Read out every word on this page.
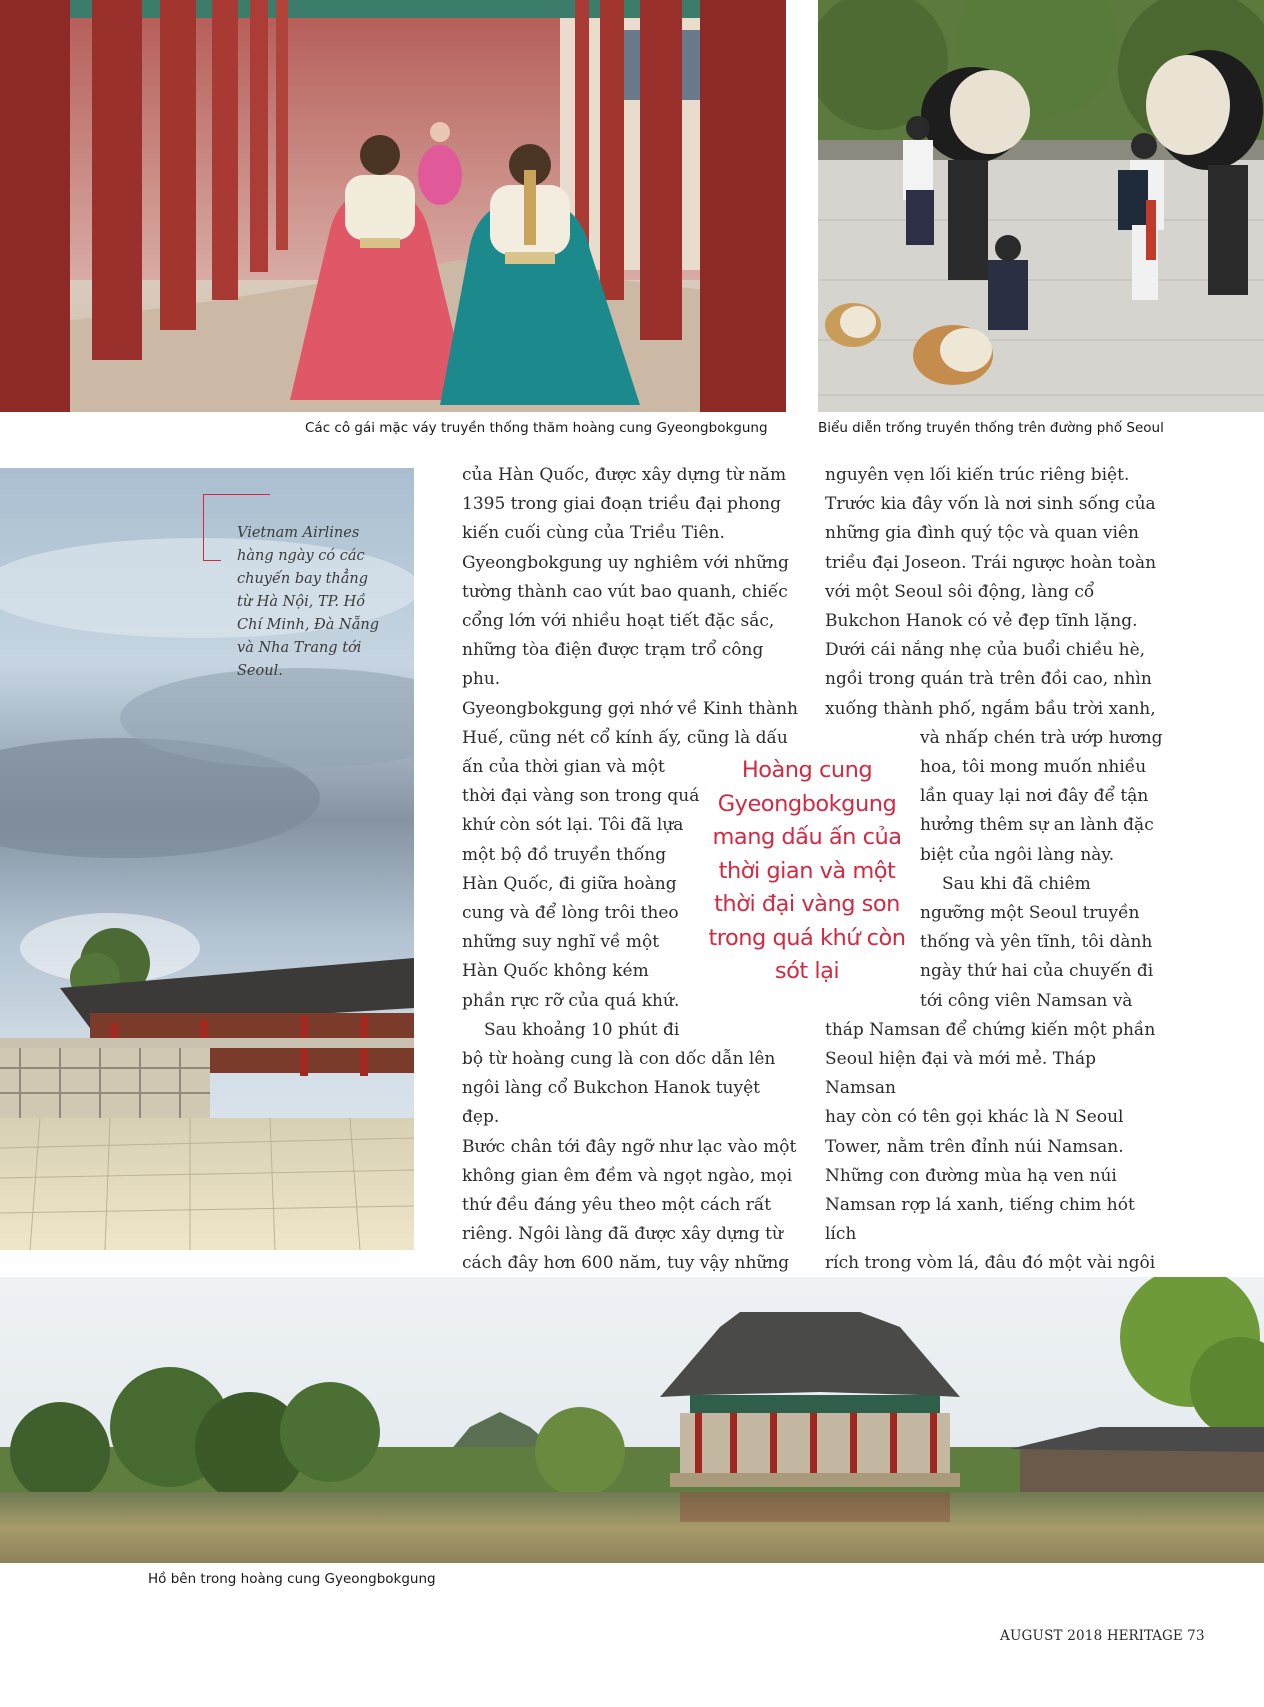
Các cô gái mặc váy truyền thống thăm hoàng cung Gyeongbokgung	Biểu diễn trống truyền thống trên đường phố Seoul
Vietnam Airlines hàng ngày có các chuyến bay thẳng từ Hà Nội, TP. Hồ Chí Minh, Đà Nẵng và Nha Trang tới Seoul.

của Hàn Quốc, được xây dựng từ năm

1395 trong giai đoạn triều đại phong

kiến cuối cùng của Triều Tiên.

Gyeongbokgung uy nghiêm với những

tường thành cao vút bao quanh, chiếc

cổng lớn với nhiều hoạt tiết đặc sắc,

những tòa điện được trạm trổ công phu.

Gyeongbokgung gợi nhớ về Kinh thành

Huế, cũng nét cổ kính ấy, cũng là dấu

ấn của thời gian và một

thời đại vàng son trong quá

khứ còn sót lại. Tôi đã lựa

một bộ đồ truyền thống

Hàn Quốc, đi giữa hoàng

cung và để lòng trôi theo

những suy nghĩ về một

Hàn Quốc không kém

phần rực rỡ của quá khứ.

Sau khoảng 10 phút đi

bộ từ hoàng cung là con dốc dẫn lên

ngôi làng cổ Bukchon Hanok tuyệt đẹp.

Bước chân tới đây ngỡ như lạc vào một

không gian êm đềm và ngọt ngào, mọi

thứ đều đáng yêu theo một cách rất

riêng. Ngôi làng đã được xây dựng từ

cách đây hơn 600 năm, tuy vậy những

nguyên vẹn lối kiến trúc riêng biệt.

Trước kia đây vốn là nơi sinh sống của

những gia đình quý tộc và quan viên

triều đại Joseon. Trái ngược hoàn toàn

với một Seoul sôi động, làng cổ

Bukchon Hanok có vẻ đẹp tĩnh lặng.

Dưới cái nắng nhẹ của buổi chiều hè,

ngồi trong quán trà trên đồi cao, nhìn

xuống thành phố, ngắm bầu trời xanh,

và nhấp chén trà ướp hương

hoa, tôi mong muốn nhiều

lần quay lại nơi đây để tận

hưởng thêm sự an lành đặc

biệt của ngôi làng này.

Sau khi đã chiêm

ngưỡng một Seoul truyền

thống và yên tĩnh, tôi dành

ngày thứ hai của chuyến đi

tới công viên Namsan và

tháp Namsan để chứng kiến một phần

Seoul hiện đại và mới mẻ. Tháp Namsan

hay còn có tên gọi khác là N Seoul

Tower, nằm trên đỉnh núi Namsan.

Những con đường mùa hạ ven núi

Namsan rợp lá xanh, tiếng chim hót lích

rích trong vòm lá, đâu đó một vài ngôi

Hoàng cung Gyeongbokgung mang dấu ấn của thời gian và một thời đại vàng son trong quá khứ còn sót lại
Hồ bên trong hoàng cung Gyeongbokgung
AUGUST 2018 HERITAGE 73
